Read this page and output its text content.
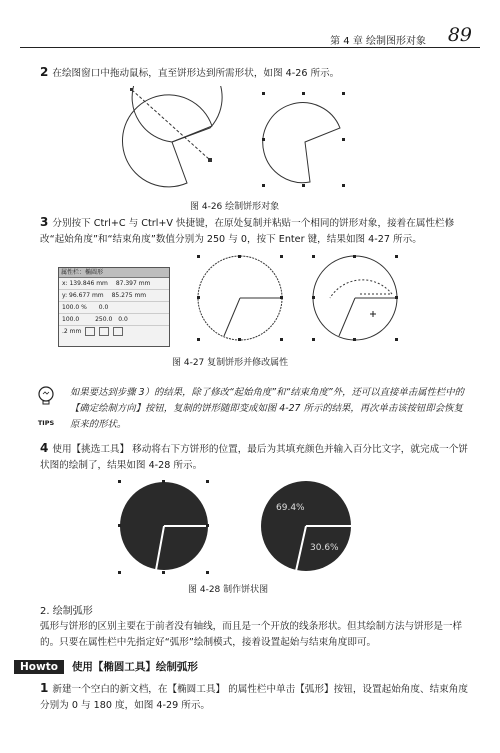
第 4 章 绘制图形对象 89
2 在绘图窗口中拖动鼠标，直至饼形达到所需形状，如图 4-26 所示。
图 4-26 绘制饼形对象
3 分别按下 Ctrl+C 与 Ctrl+V 快捷键，在原处复制并粘贴一个相同的饼形对象，接着在属性栏修改“起始角度”和“结束角度”数值分别为 250 与 0，按下 Enter 键，结果如图 4-27 所示。
属性栏：椭圆形
x: 139.846 mm 87.397 mm
y: 96.677 mm 85.275 mm
100.0 % 0.0
100.0	250.0 0.0
.2 mm
图 4-27 复制饼形并修改属性
TIPS
如果要达到步骤 3）的结果，除了修改“起始角度”和“结束角度”外，还可以直接单击属性栏中的【确定绘制方向】按钮，复制的饼形随即变成如图 4-27 所示的结果，再次单击该按钮即会恢复原来的形状。
4 使用【挑选工具】 移动将右下方饼形的位置，最后为其填充颜色并输入百分比文字，就完成一个饼状图的绘制了，结果如图 4-28 所示。
69.4%
30.6%
图 4-28 制作饼状图
2. 绘制弧形
弧形与饼形的区别主要在于前者没有轴线，而且是一个开放的线条形状。但其绘制方法与饼形是一样的。只要在属性栏中先指定好“弧形”绘制模式，接着设置起始与结束角度即可。
Howto 使用【椭圆工具】绘制弧形
1 新建一个空白的新文档，在【椭圆工具】 的属性栏中单击【弧形】按钮，设置起始角度、结束角度分别为 0 与 180 度，如图 4-29 所示。
